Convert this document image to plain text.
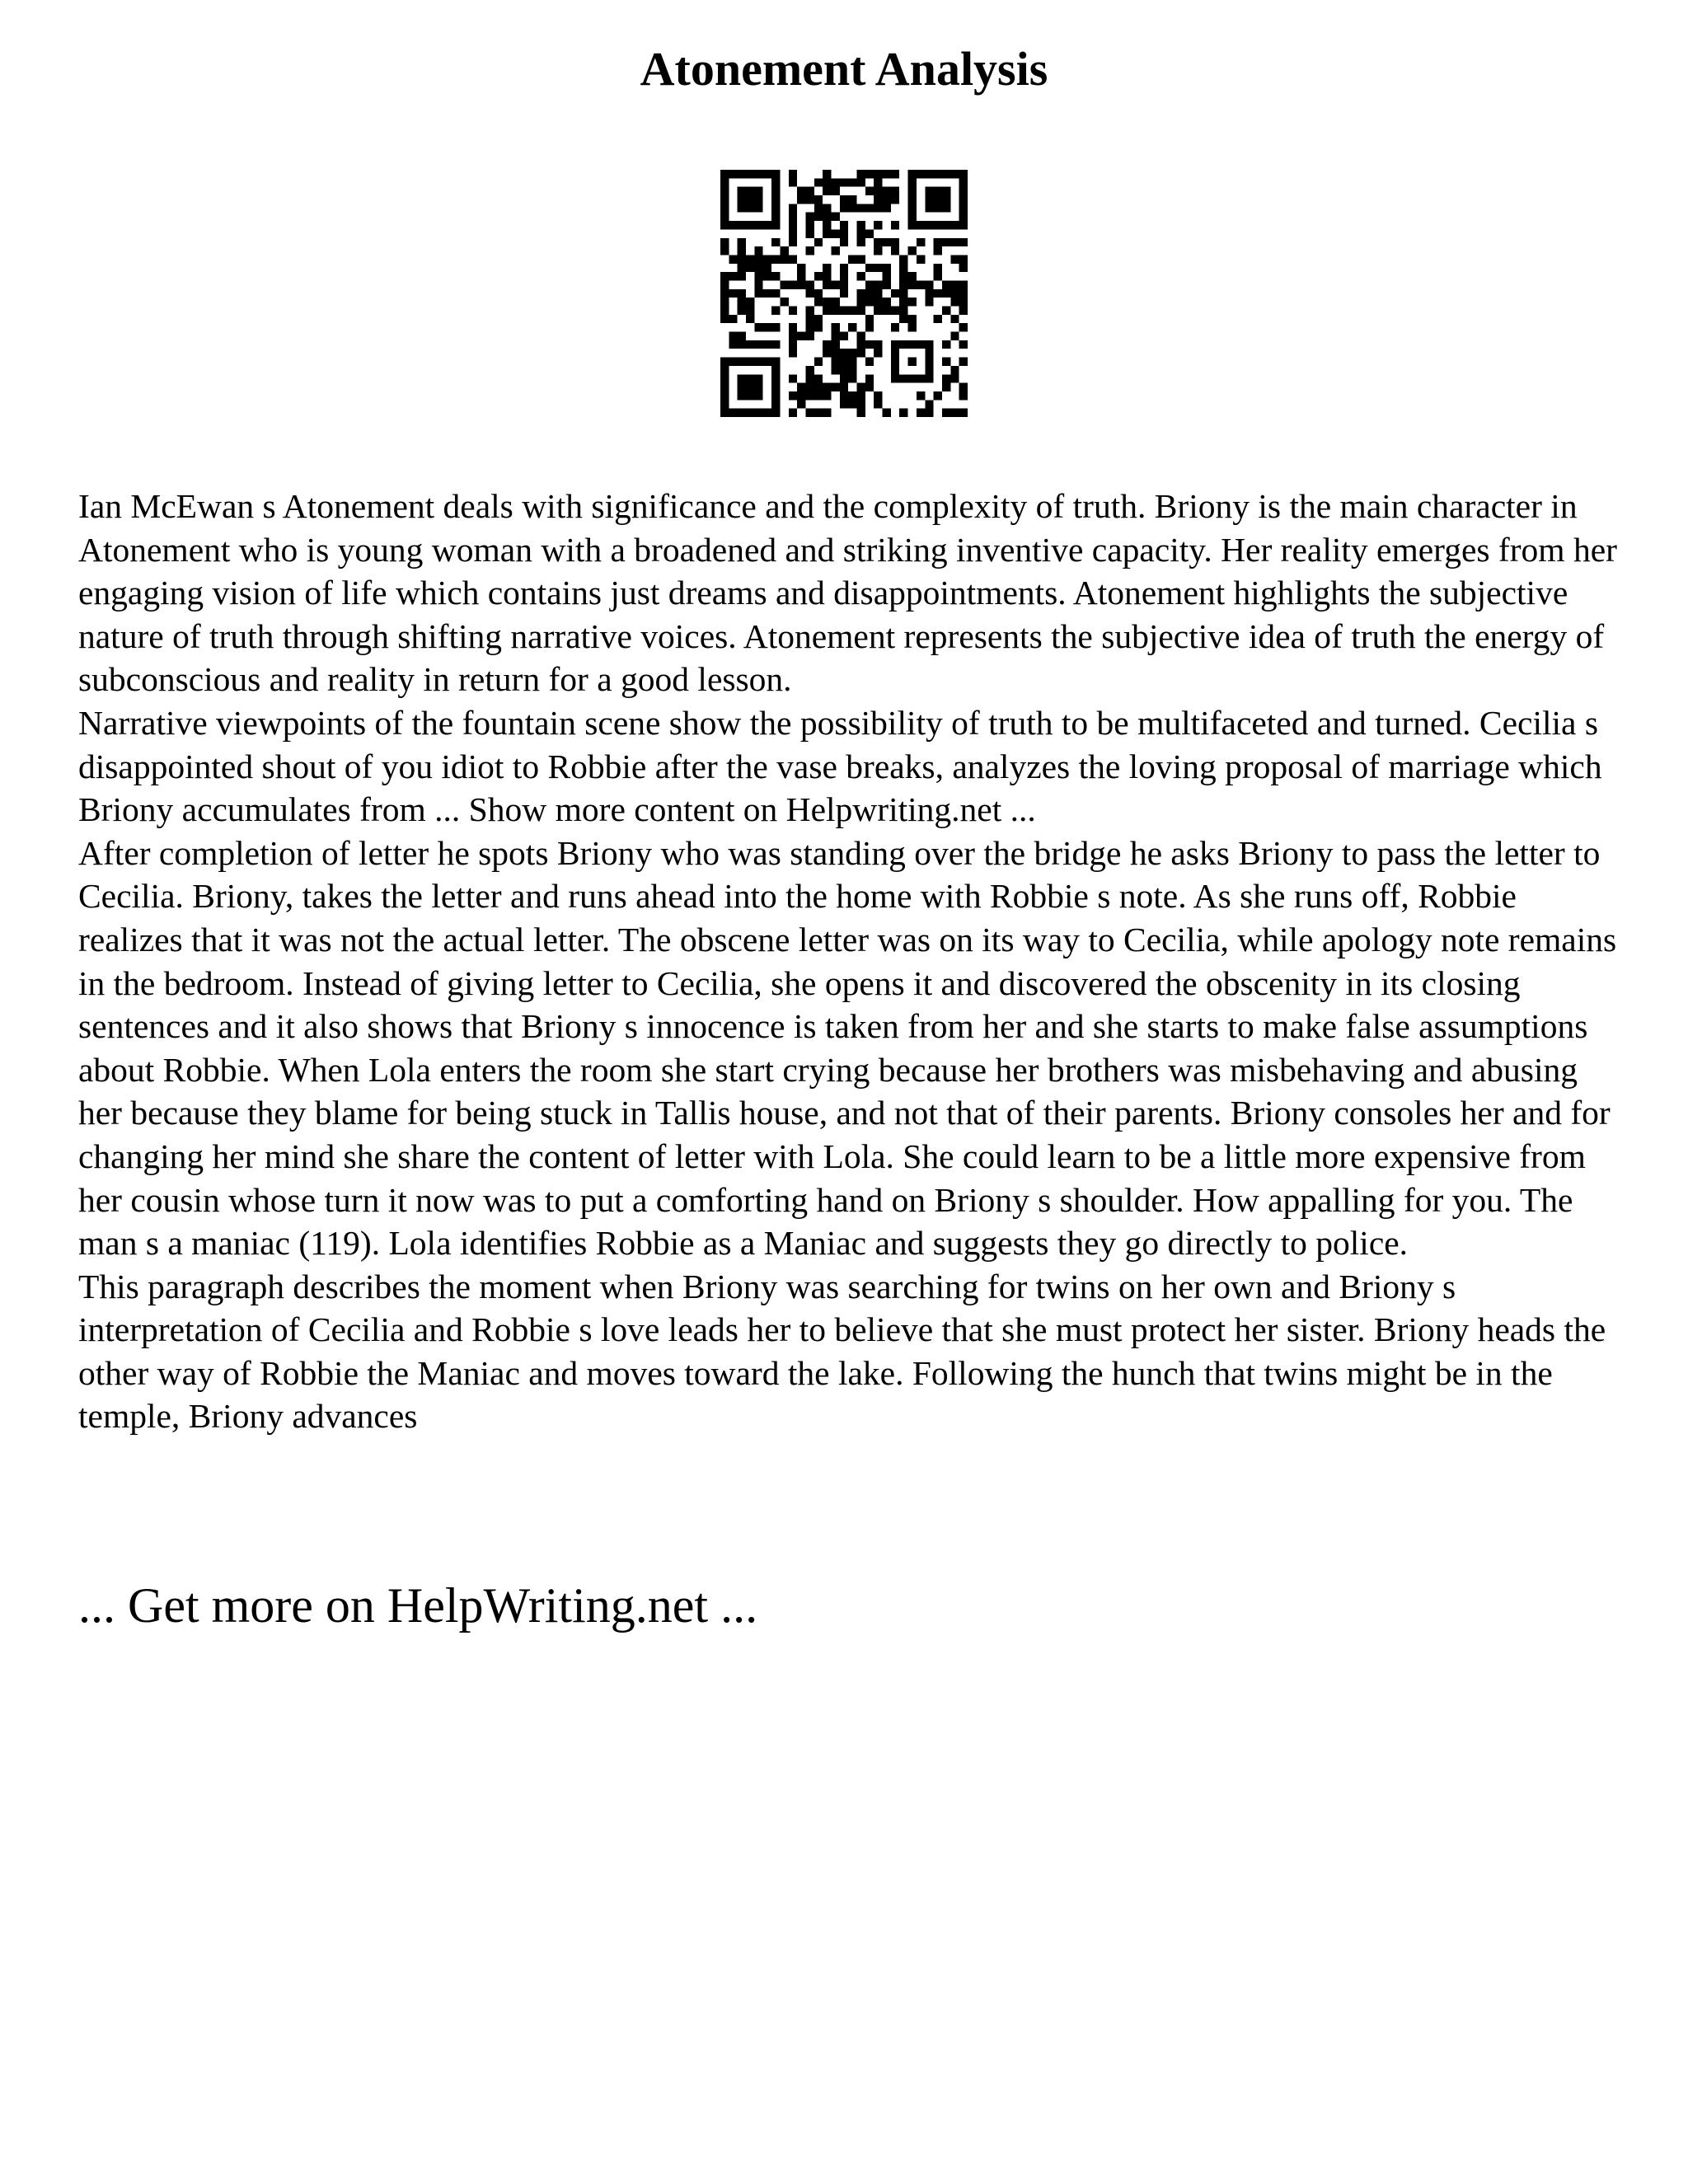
Atonement Analysis

Ian McEwan s Atonement deals with significance and the complexity of truth. Briony is the main character in Atonement who is young woman with a broadened and striking inventive capacity. Her reality emerges from her engaging vision of life which contains just dreams and disappointments. Atonement highlights the subjective nature of truth through shifting narrative voices. Atonement represents the subjective idea of truth the energy of subconscious and reality in return for a good lesson.

Narrative viewpoints of the fountain scene show the possibility of truth to be multifaceted and turned. Cecilia s disappointed shout of you idiot to Robbie after the vase breaks, analyzes the loving proposal of marriage which Briony accumulates from ... Show more content on Helpwriting.net ...

After completion of letter he spots Briony who was standing over the bridge he asks Briony to pass the letter to Cecilia. Briony, takes the letter and runs ahead into the home with Robbie s note. As she runs off, Robbie realizes that it was not the actual letter. The obscene letter was on its way to Cecilia, while apology note remains in the bedroom. Instead of giving letter to Cecilia, she opens it and discovered the obscenity in its closing sentences and it also shows that Briony s innocence is taken from her and she starts to make false assumptions about Robbie. When Lola enters the room she start crying because her brothers was misbehaving and abusing her because they blame for being stuck in Tallis house, and not that of their parents. Briony consoles her and for changing her mind she share the content of letter with Lola. She could learn to be a little more expensive from her cousin whose turn it now was to put a comforting hand on Briony s shoulder. How appalling for you. The man s a maniac (119). Lola identifies Robbie as a Maniac and suggests they go directly to police.

This paragraph describes the moment when Briony was searching for twins on her own and Briony s interpretation of Cecilia and Robbie s love leads her to believe that she must protect her sister. Briony heads the other way of Robbie the Maniac and moves toward the lake. Following the hunch that twins might be in the temple, Briony advances

... Get more on HelpWriting.net ...
